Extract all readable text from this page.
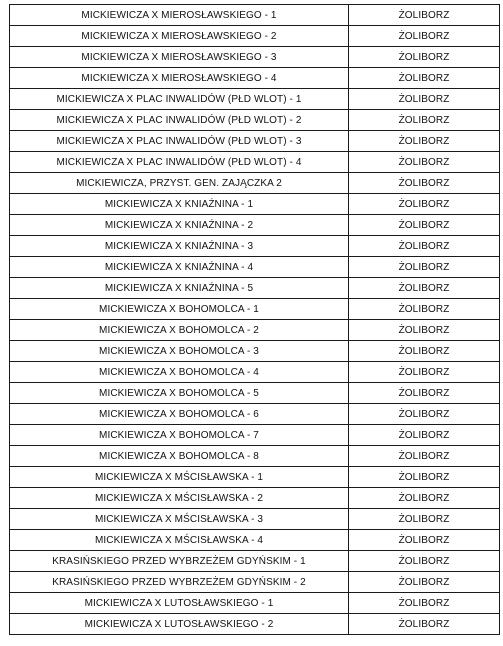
MICKIEWICZA X MIEROSŁAWSKIEGO - 1	ŻOLIBORZ
MICKIEWICZA X MIEROSŁAWSKIEGO - 2	ŻOLIBORZ
MICKIEWICZA X MIEROSŁAWSKIEGO - 3	ŻOLIBORZ
MICKIEWICZA X MIEROSŁAWSKIEGO - 4	ŻOLIBORZ
MICKIEWICZA X PLAC INWALIDÓW (PŁD WLOT) - 1	ŻOLIBORZ
MICKIEWICZA X PLAC INWALIDÓW (PŁD WLOT) - 2	ŻOLIBORZ
MICKIEWICZA X PLAC INWALIDÓW (PŁD WLOT) - 3	ŻOLIBORZ
MICKIEWICZA X PLAC INWALIDÓW (PŁD WLOT) - 4	ŻOLIBORZ
MICKIEWICZA, PRZYST. GEN. ZAJĄCZKA 2	ŻOLIBORZ
MICKIEWICZA X KNIAŹNINA - 1	ŻOLIBORZ
MICKIEWICZA X KNIAŹNINA - 2	ŻOLIBORZ
MICKIEWICZA X KNIAŹNINA - 3	ŻOLIBORZ
MICKIEWICZA X KNIAŹNINA - 4	ŻOLIBORZ
MICKIEWICZA X KNIAŹNINA - 5	ŻOLIBORZ
MICKIEWICZA X BOHOMOLCA - 1	ŻOLIBORZ
MICKIEWICZA X BOHOMOLCA - 2	ŻOLIBORZ
MICKIEWICZA X BOHOMOLCA - 3	ŻOLIBORZ
MICKIEWICZA X BOHOMOLCA - 4	ŻOLIBORZ
MICKIEWICZA X BOHOMOLCA - 5	ŻOLIBORZ
MICKIEWICZA X BOHOMOLCA - 6	ŻOLIBORZ
MICKIEWICZA X BOHOMOLCA - 7	ŻOLIBORZ
MICKIEWICZA X BOHOMOLCA - 8	ŻOLIBORZ
MICKIEWICZA X MŚCISŁAWSKA - 1	ŻOLIBORZ
MICKIEWICZA X MŚCISŁAWSKA - 2	ŻOLIBORZ
MICKIEWICZA X MŚCISŁAWSKA - 3	ŻOLIBORZ
MICKIEWICZA X MŚCISŁAWSKA - 4	ŻOLIBORZ
KRASIŃSKIEGO PRZED WYBRZEŻEM GDYŃSKIM - 1	ŻOLIBORZ
KRASIŃSKIEGO PRZED WYBRZEŻEM GDYŃSKIM - 2	ŻOLIBORZ
MICKIEWICZA X LUTOSŁAWSKIEGO - 1	ŻOLIBORZ
MICKIEWICZA X LUTOSŁAWSKIEGO - 2	ŻOLIBORZ
